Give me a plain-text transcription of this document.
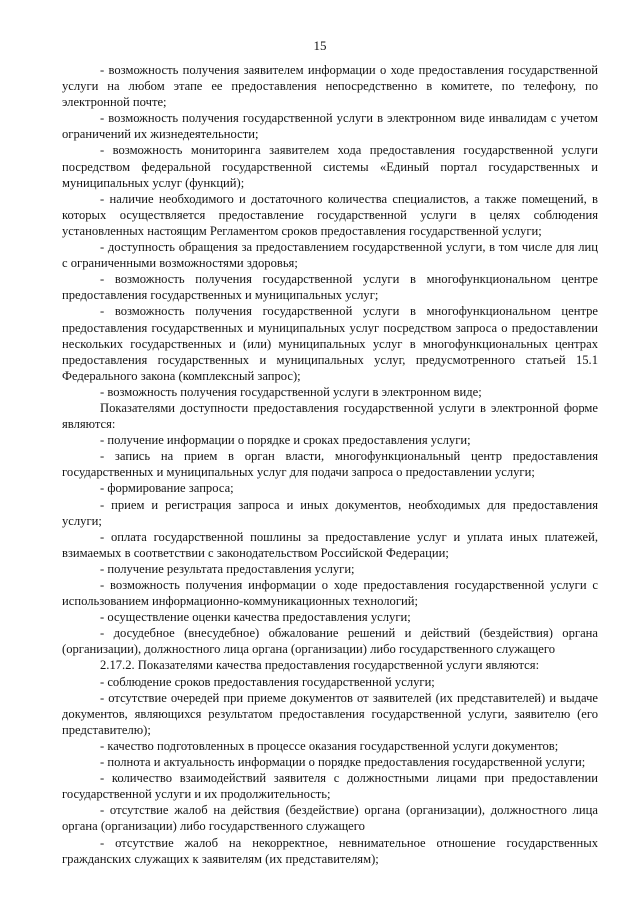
15

- возможность получения заявителем информации о ходе предоставления государственной услуги на любом этапе ее предоставления непосредственно в комитете, по телефону, по электронной почте;

- возможность получения государственной услуги в электронном виде инвалидам с учетом ограничений их жизнедеятельности;

- возможность мониторинга заявителем хода предоставления государственной услуги посредством федеральной государственной системы «Единый портал государственных и муниципальных услуг (функций);

- наличие необходимого и достаточного количества специалистов, а также помещений, в которых осуществляется предоставление государственной услуги в целях соблюдения установленных настоящим Регламентом сроков предоставления государственной услуги;

- доступность обращения за предоставлением государственной услуги, в том числе для лиц с ограниченными возможностями здоровья;

- возможность получения государственной услуги в многофункциональном центре предоставления государственных и муниципальных услуг;

- возможность получения государственной услуги в многофункциональном центре предоставления государственных и муниципальных услуг посредством запроса о предоставлении нескольких государственных и (или) муниципальных услуг в многофункциональных центрах предоставления государственных и муниципальных услуг, предусмотренного статьей 15.1 Федерального закона (комплексный запрос);

- возможность получения государственной услуги в электронном виде;

Показателями доступности предоставления государственной услуги в электронной форме являются:

- получение информации о порядке и сроках предоставления услуги;

- запись на прием в орган власти, многофункциональный центр предоставления государственных и муниципальных услуг для подачи запроса о предоставлении услуги;

- формирование запроса;

- прием и регистрация запроса и иных документов, необходимых для предоставления услуги;

- оплата государственной пошлины за предоставление услуг и уплата иных платежей, взимаемых в соответствии с законодательством Российской Федерации;

- получение результата предоставления услуги;

- возможность получения информации о ходе предоставления государственной услуги с использованием информационно-коммуникационных технологий;

- осуществление оценки качества предоставления услуги;

- досудебное (внесудебное) обжалование решений и действий (бездействия) органа (организации), должностного лица органа (организации) либо государственного служащего

2.17.2. Показателями качества предоставления государственной услуги являются:

- соблюдение сроков предоставления государственной услуги;

- отсутствие очередей при приеме документов от заявителей (их представителей) и выдаче документов, являющихся результатом предоставления государственной услуги, заявителю (его представителю);

- качество подготовленных в процессе оказания государственной услуги документов;

- полнота и актуальность информации о порядке предоставления государственной услуги;

- количество взаимодействий заявителя с должностными лицами при предоставлении государственной услуги и их продолжительность;

- отсутствие жалоб на действия (бездействие) органа (организации), должностного лица органа (организации) либо государственного служащего

- отсутствие жалоб на некорректное, невнимательное отношение государственных гражданских служащих к заявителям (их представителям);
